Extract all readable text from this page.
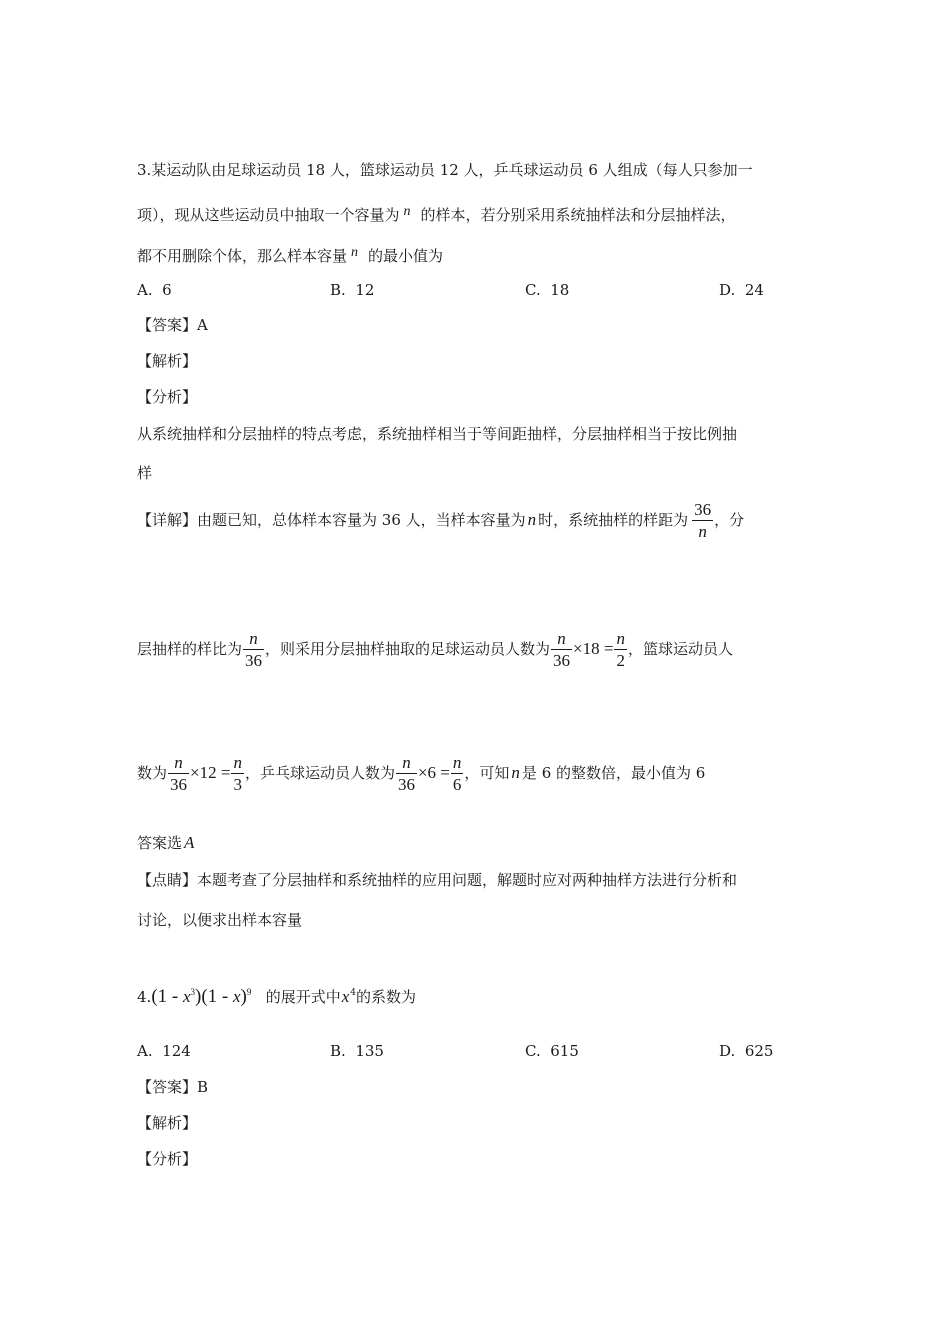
3.某运动队由足球运动员 18 人，篮球运动员 12 人，乒乓球运动员 6 人组成（每人只参加一
项），现从这些运动员中抽取一个容量为 n 的样本，若分别采用系统抽样法和分层抽样法，
都不用删除个体，那么样本容量 n 的最小值为
A. 6	B. 12	C. 18	D. 24
【答案】A
【解析】
【分析】
从系统抽样和分层抽样的特点考虑，系统抽样相当于等间距抽样，分层抽样相当于按比例抽
样
【详解】由题已知，总体样本容量为 36 人，当样本容量为 n 时，系统抽样的样距为 $\frac{36}{n}$ ，分
层抽样的样比为 $\frac{n}{36}$ ，则采用分层抽样抽取的足球运动员人数为 $\frac{n}{36} \times 18 = \frac{n}{2}$ ，篮球运动员人
数为 $\frac{n}{36} \times 12 = \frac{n}{3}$ ，乒乓球运动员人数为 $\frac{n}{36} \times 6 = \frac{n}{6}$ ，可知 n 是 6 的整数倍，最小值为 6
答案选 A
【点睛】本题考查了分层抽样和系统抽样的应用问题，解题时应对两种抽样方法进行分析和
讨论，以便求出样本容量
$4.(1 - x^3)(1 - x)^9$ 的展开式中$x^4$的系数为
A. 124	B. 135	C. 615	D. 625
【答案】B
【解析】
【分析】
